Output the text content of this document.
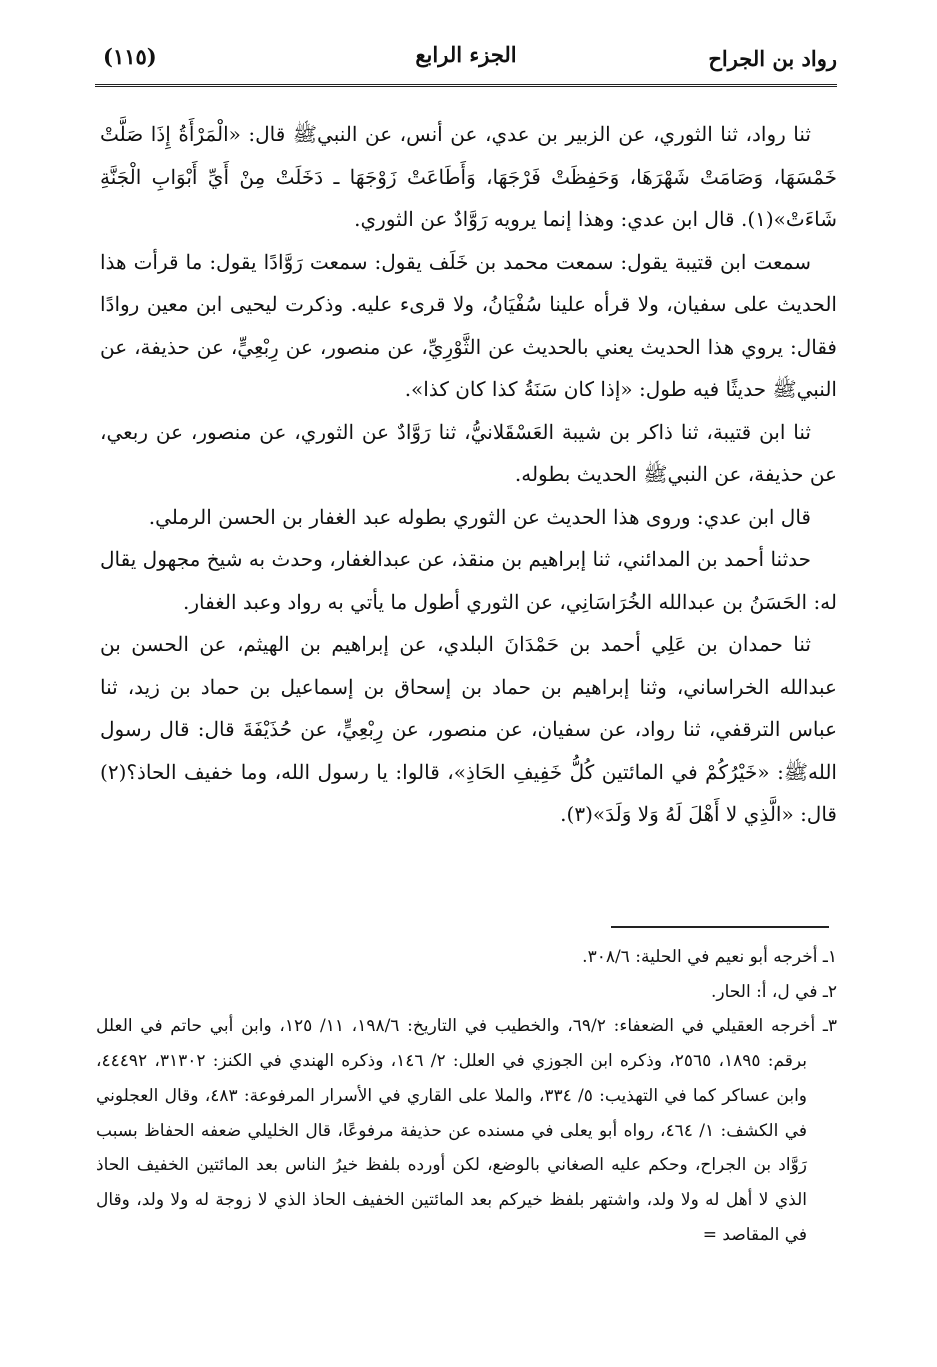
رواد بن الجراح
الجزء الرابع
(١١٥)

ثنا رواد، ثنا الثوري، عن الزبير بن عدي، عن أنس، عن النبيﷺ قال: «الْمَرْأَةُ إِذَا صَلَّتْ خَمْسَهَا، وَصَامَتْ شَهْرَهَا، وَحَفِظَتْ فَرْجَهَا، وَأَطَاعَتْ زَوْجَهَا ـ دَخَلَتْ مِنْ أَيِّ أَبْوَابِ الْجَنَّةِ شَاءَتْ»(١). قال ابن عدي: وهذا إنما يرويه رَوَّادٌ عن الثوري.

سمعت ابن قتيبة يقول: سمعت محمد بن خَلَف يقول: سمعت رَوَّادًا يقول: ما قرأت هذا الحديث على سفيان، ولا قرأه علينا سُفْيَانُ، ولا قرىء عليه. وذكرت ليحيى ابن معين روادًا فقال: يروي هذا الحديث يعني بالحديث عن الثَّوْرِيِّ، عن منصور، عن رِبْعِيٍّ، عن حذيفة، عن النبيﷺ حديثًا فيه طول: «إذا كان سَنَةُ كذا كان كذا».

ثنا ابن قتيبة، ثنا ذاكر بن شيبة العَسْقَلانيُّ، ثنا رَوَّادٌ عن الثوري، عن منصور، عن ربعي، عن حذيفة، عن النبيﷺ الحديث بطوله.

قال ابن عدي: وروى هذا الحديث عن الثوري بطوله عبد الغفار بن الحسن الرملي.

حدثنا أحمد بن المدائني، ثنا إبراهيم بن منقذ، عن عبدالغفار، وحدث به شيخ مجهول يقال له: الحَسَنُ بن عبدالله الخُرَاسَانِي، عن الثوري أطول ما يأتي به رواد وعبد الغفار.

ثنا حمدان بن عَلِي أحمد بن حَمْدَانَ البلدي، عن إبراهيم بن الهيثم، عن الحسن بن عبدالله الخراساني، وثنا إبراهيم بن حماد بن إسحاق بن إسماعيل بن حماد بن زيد، ثنا عباس الترقفي، ثنا رواد، عن سفيان، عن منصور، عن رِبْعِيٍّ، عن حُذَيْفَةَ قال: قال رسول اللهﷺ: «خَيْرُكُمْ في المائتين كُلُّ خَفِيفِ الحَاذِ»، قالوا: يا رسول الله، وما خفيف الحاذ؟(٢) قال: «الَّذِي لا أَهْلَ لَهُ وَلا وَلَدَ»(٣).

١ـ أخرجه أبو نعيم في الحلية: ٣٠٨/٦.

٢ـ في ل، أ: الحار.

٣ـ أخرجه العقيلي في الضعفاء: ٦٩/٢، والخطيب في التاريخ: ١٩٨/٦، ١١/ ١٢٥، وابن أبي حاتم في العلل برقم: ١٨٩٥، ٢٥٦٥، وذكره ابن الجوزي في العلل: ٢/ ١٤٦، وذكره الهندي في الكنز: ٣١٣٠٢، ٤٤٤٩٢، وابن عساكر كما في التهذيب: ٥/ ٣٣٤، والملا على القاري في الأسرار المرفوعة: ٤٨٣، وقال العجلوني في الكشف: ١/ ٤٦٤، رواه أبو يعلى في مسنده عن حذيفة مرفوعًا، قال الخليلي ضعفه الحفاظ بسبب رَوَّاد بن الجراح، وحكم عليه الصغاني بالوضع، لكن أورده بلفظ خيرُ الناس بعد المائتين الخفيف الحاذ الذي لا أهل له ولا ولد، واشتهر بلفظ خيركم بعد المائتين الخفيف الحاذ الذي لا زوجة له ولا ولد، وقال في المقاصد =
